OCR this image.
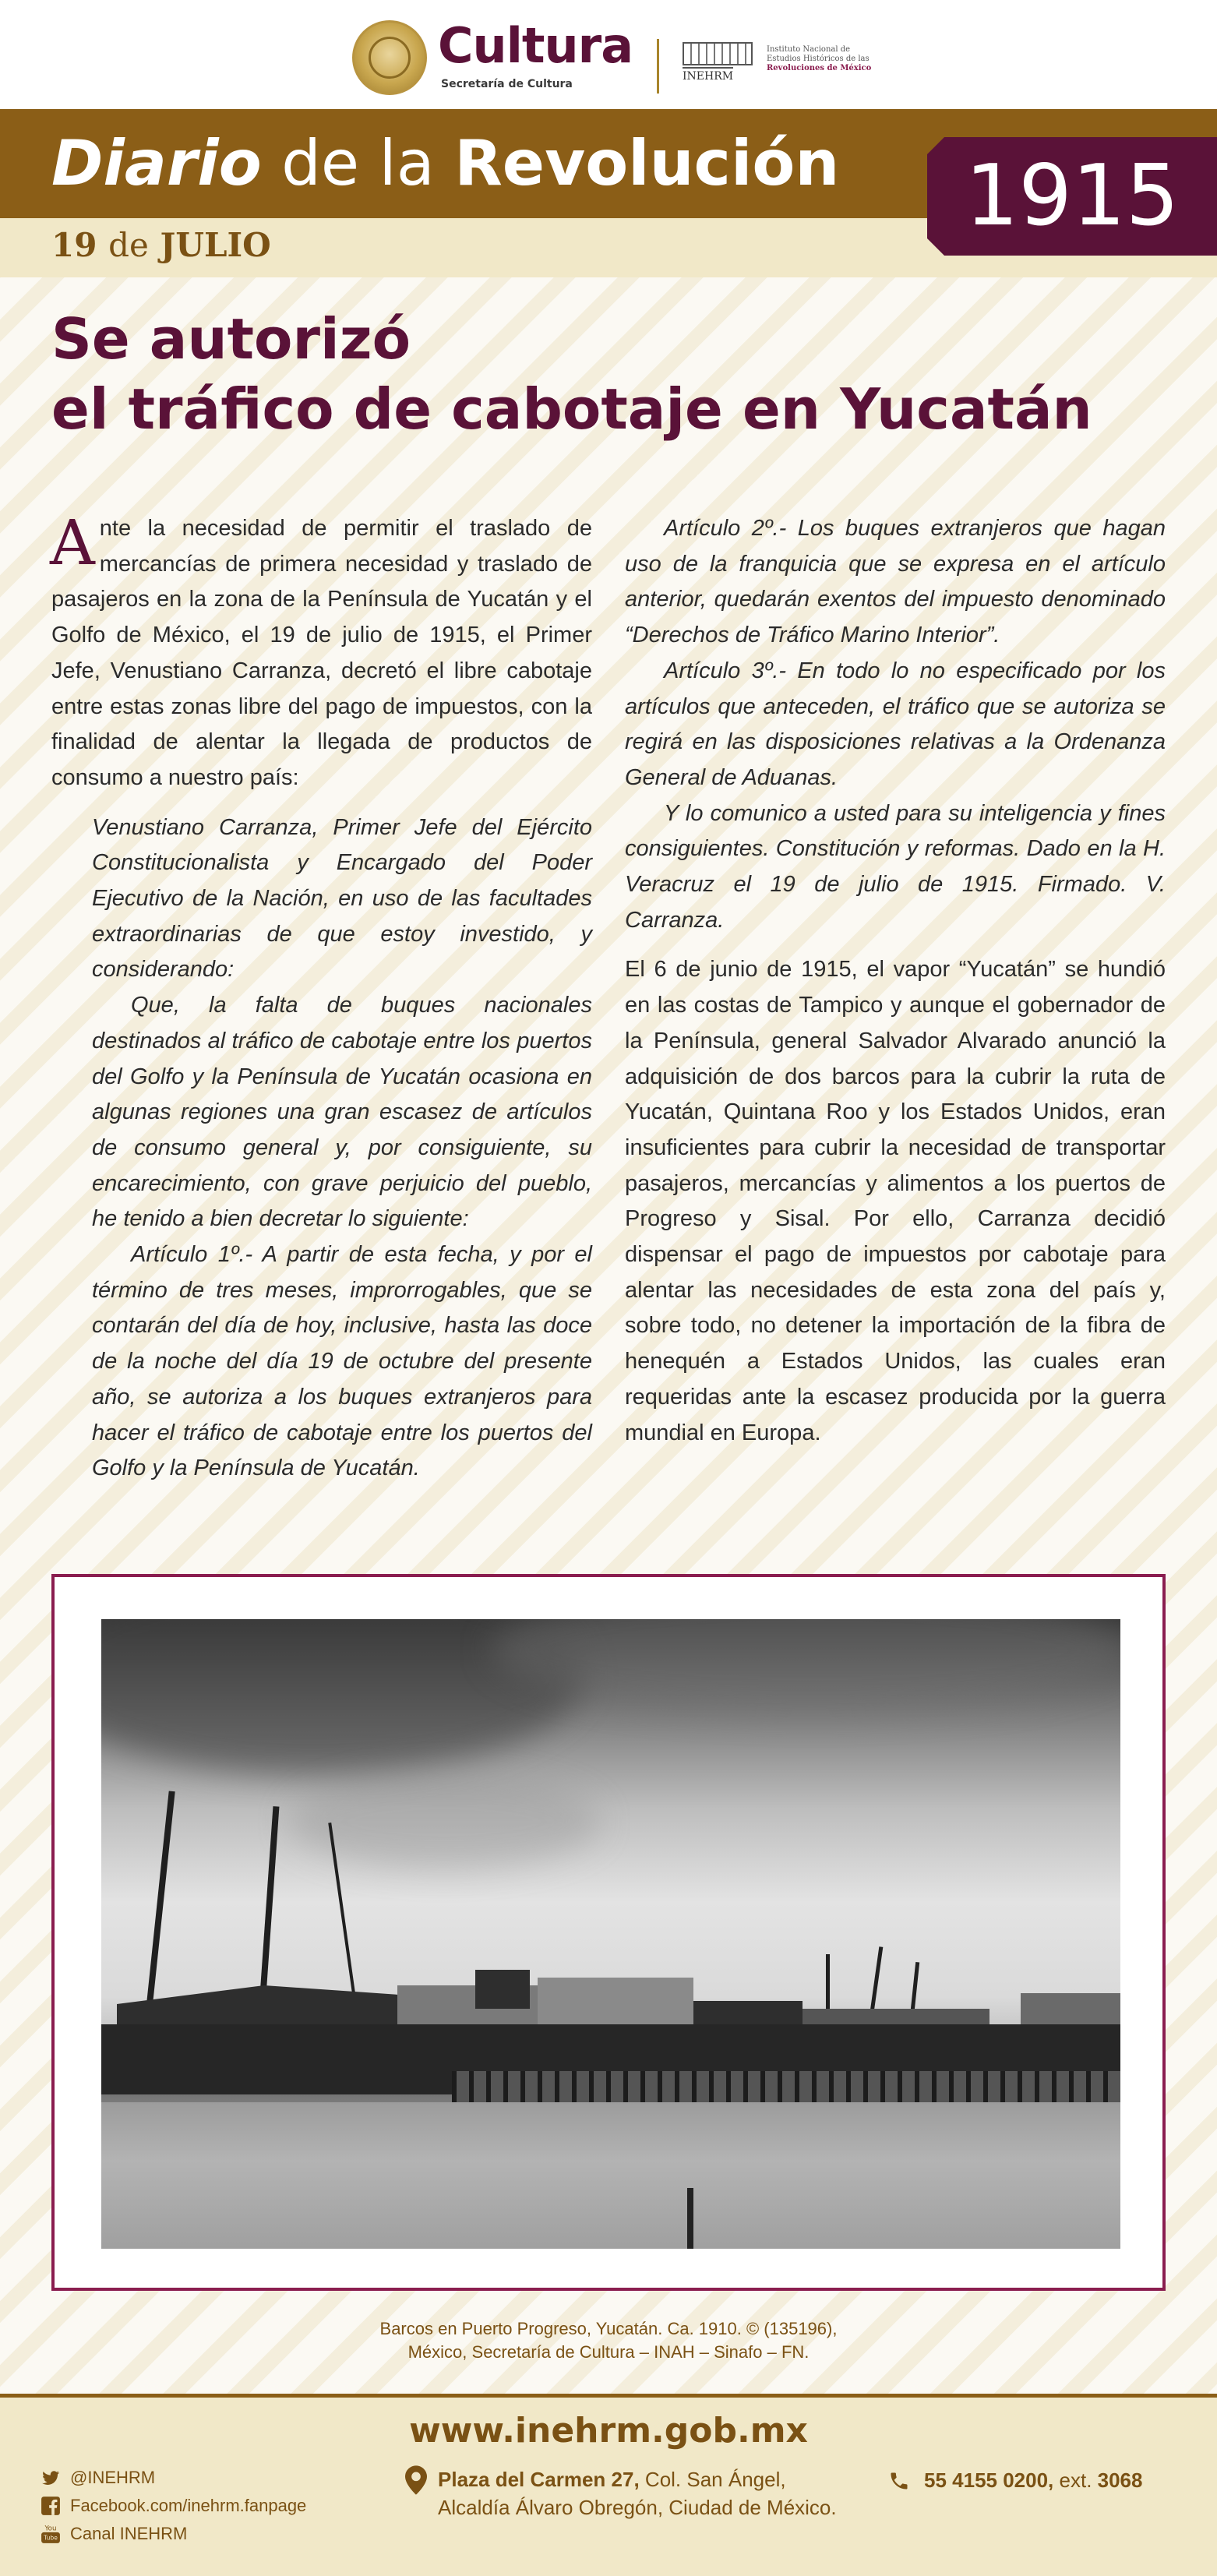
Cultura
Secretaría de Cultura
INEHRM
Instituto Nacional de
Estudios Históricos de las
Revoluciones de México
Diario de la Revolución
19 de JULIO
1915
Se autorizó
el tráfico de cabotaje en Yucatán

Ante la necesidad de permitir el traslado de mercancías de primera necesidad y traslado de pasajeros en la zona de la Península de Yucatán y el Golfo de México, el 19 de julio de 1915, el Primer Jefe, Venustiano Carranza, decretó el libre cabotaje entre estas zonas libre del pago de impuestos, con la finalidad de alentar la llegada de productos de consumo a nuestro país:

Venustiano Carranza, Primer Jefe del Ejército Constitucionalista y Encargado del Poder Ejecutivo de la Nación, en uso de las facultades extraordinarias de que estoy investido, y considerando:

Que, la falta de buques nacionales destinados al tráfico de cabotaje entre los puertos del Golfo y la Península de Yucatán ocasiona en algunas regiones una gran escasez de artículos de consumo general y, por consiguiente, su encarecimiento, con grave perjuicio del pueblo, he tenido a bien decretar lo siguiente:

Artículo 1º.- A partir de esta fecha, y por el término de tres meses, improrrogables, que se contarán del día de hoy, inclusive, hasta las doce de la noche del día 19 de octubre del presente año, se autoriza a los buques extranjeros para hacer el tráfico de cabotaje entre los puertos del Golfo y la Península de Yucatán.

Artículo 2º.- Los buques extranjeros que hagan uso de la franquicia que se expresa en el artículo anterior, quedarán exentos del impuesto denominado “Derechos de Tráfico Marino Interior”.

Artículo 3º.- En todo lo no especificado por los artículos que anteceden, el tráfico que se autoriza se regirá en las disposiciones relativas a la Ordenanza General de Aduanas.

Y lo comunico a usted para su inteligencia y fines consiguientes. Constitución y reformas. Dado en la H. Veracruz el 19 de julio de 1915. Firmado. V. Carranza.

El 6 de junio de 1915, el vapor “Yucatán” se hundió en las costas de Tampico y aunque el gobernador de la Península, general Salvador Alvarado anunció la adquisición de dos barcos para la cubrir la ruta de Yucatán, Quintana Roo y los Estados Unidos, eran insuficientes para cubrir la necesidad de transportar pasajeros, mercancías y alimentos a los puertos de Progreso y Sisal. Por ello, Carranza decidió dispensar el pago de impuestos por cabotaje para alentar las necesidades de esta zona del país y, sobre todo, no detener la importación de la fibra de henequén a Estados Unidos, las cuales eran requeridas ante la escasez producida por la guerra mundial en Europa.

Barcos en Puerto Progreso, Yucatán. Ca. 1910. © (135196),
México, Secretaría de Cultura – INAH – Sinafo – FN.
www.inehrm.gob.mx
@INEHRM
Facebook.com/inehrm.fanpage
You
Tube Canal INEHRM
Plaza del Carmen 27, Col. San Ángel,
Alcaldía Álvaro Obregón, Ciudad de México.
55 4155 0200, ext. 3068
